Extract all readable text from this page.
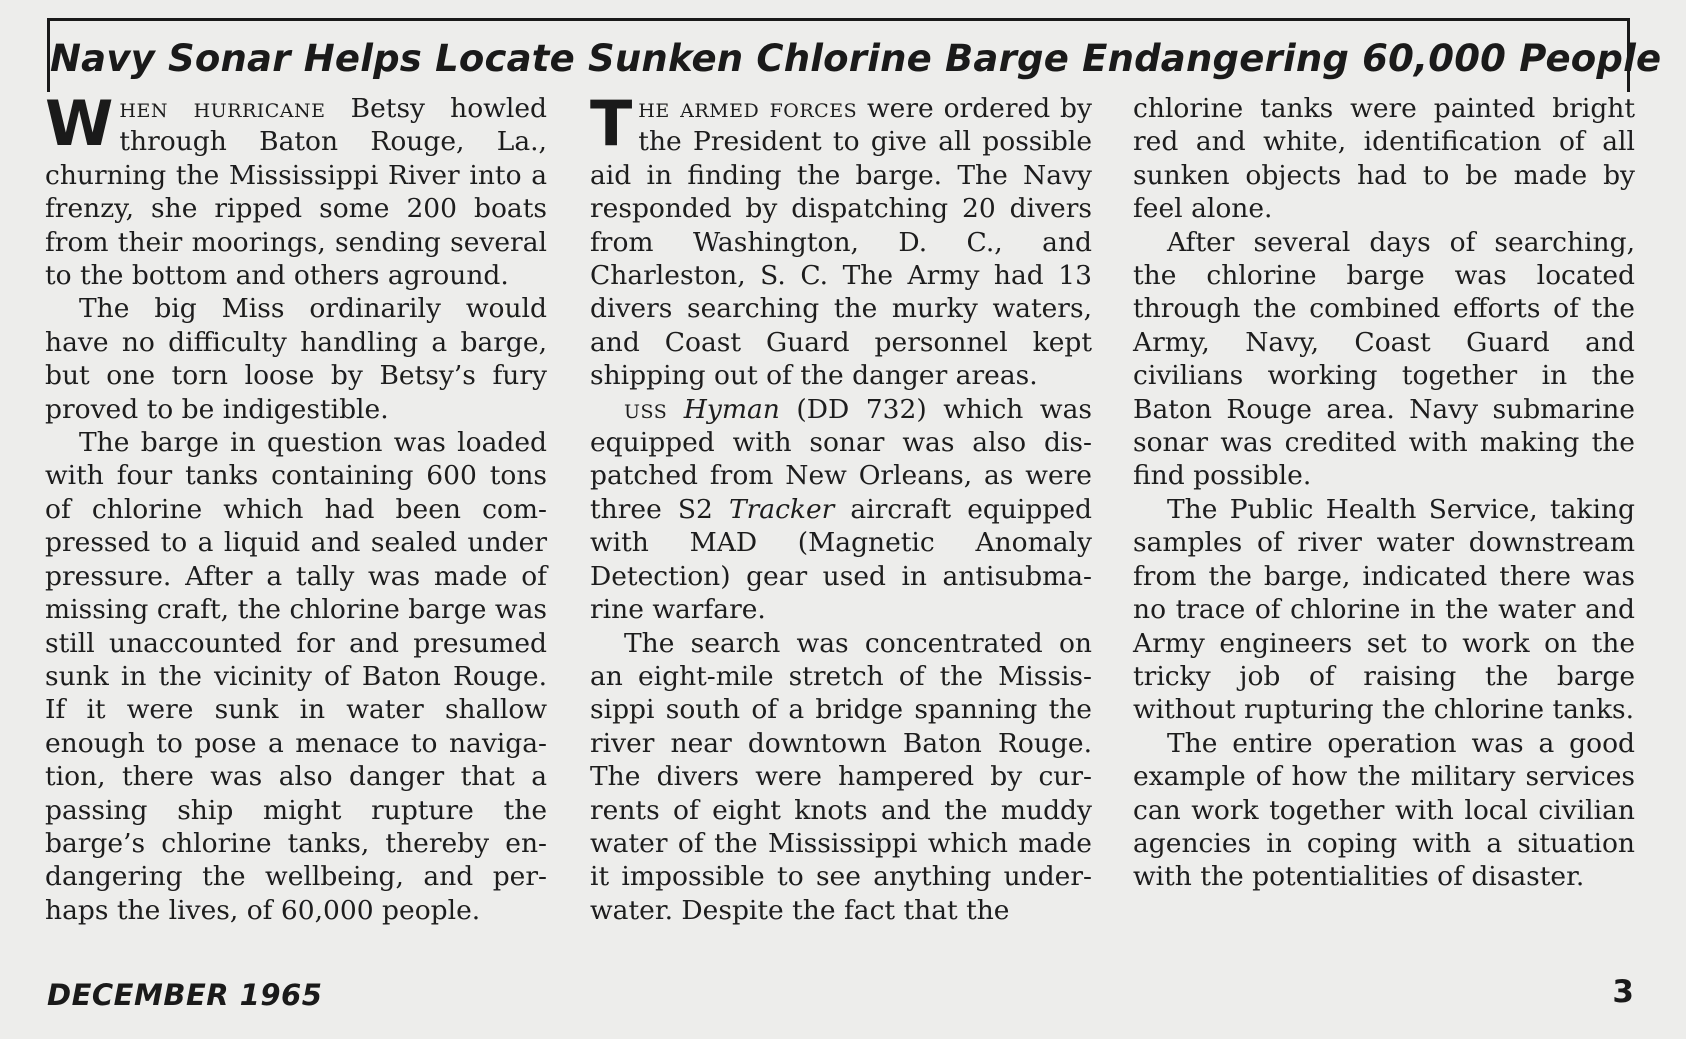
Navy Sonar Helps Locate Sunken Chlorine Barge Endangering 60,000 People

When hurricane Betsy howled through Baton Rouge, La., churning the Mississippi River into a frenzy, she ripped some 200 boats from their moorings, sending several to the bottom and others aground.

The big Miss ordinarily would have no difficulty handling a barge, but one torn loose by Betsy’s fury proved to be indigestible.

The barge in question was loaded with four tanks containing 600 tons of chlorine which had been compressed to a liquid and sealed under pressure. After a tally was made of missing craft, the chlorine barge was still unaccounted for and presumed sunk in the vicinity of Baton Rouge. If it were sunk in water shallow enough to pose a menace to navigation, there was also danger that a passing ship might rupture the barge’s chlorine tanks, thereby endangering the wellbeing, and perhaps the lives, of 60,000 people.

The armed forces were ordered by the President to give all possible aid in finding the barge. The Navy responded by dispatching 20 divers from Washington, D. C., and Charleston, S. C. The Army had 13 divers searching the murky waters, and Coast Guard personnel kept shipping out of the danger areas.

uss Hyman (DD 732) which was equipped with sonar was also dispatched from New Orleans, as were three S2 Tracker aircraft equipped with MAD (Magnetic Anomaly Detection) gear used in antisubmarine warfare.

The search was concentrated on an eight-mile stretch of the Mississippi south of a bridge spanning the river near downtown Baton Rouge. The divers were hampered by currents of eight knots and the muddy water of the Mississippi which made it impossible to see anything underwater. Despite the fact that the

chlorine tanks were painted bright red and white, identification of all sunken objects had to be made by feel alone.

After several days of searching, the chlorine barge was located through the combined efforts of the Army, Navy, Coast Guard and civilians working together in the Baton Rouge area. Navy submarine sonar was credited with making the find possible.

The Public Health Service, taking samples of river water downstream from the barge, indicated there was no trace of chlorine in the water and Army engineers set to work on the tricky job of raising the barge without rupturing the chlorine tanks.

The entire operation was a good example of how the military services can work together with local civilian agencies in coping with a situation with the potentialities of disaster.

DECEMBER 1965	3
